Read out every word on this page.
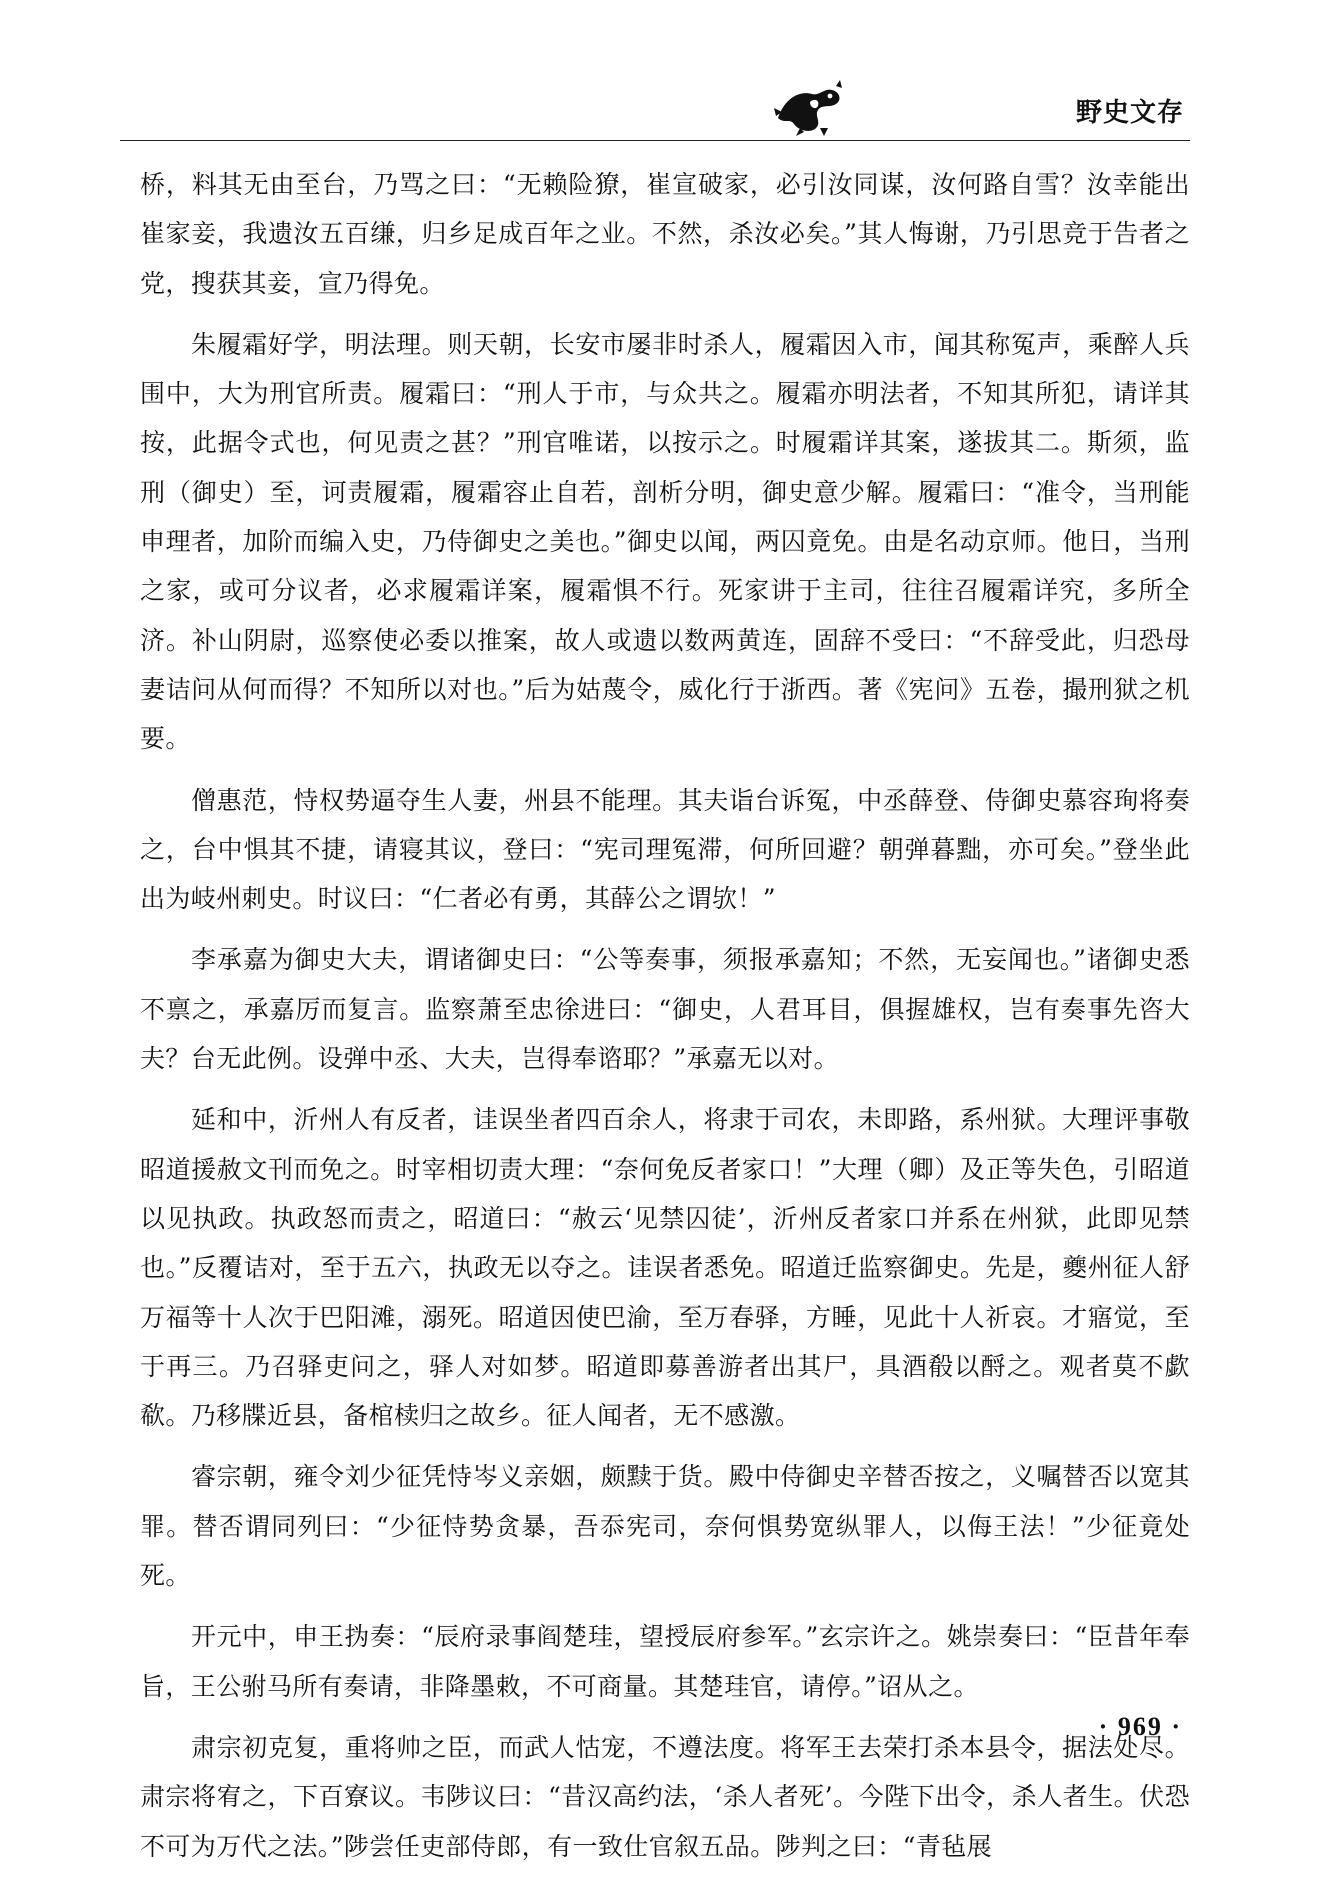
野史文存

桥，料其无由至台，乃骂之曰：“无赖险獠，崔宣破家，必引汝同谋，汝何路自雪？汝幸能出崔家妾，我遗汝五百缣，归乡足成百年之业。不然，杀汝必矣。”其人悔谢，乃引思竞于告者之党，搜获其妾，宣乃得免。

朱履霜好学，明法理。则天朝，长安市屡非时杀人，履霜因入市，闻其称冤声，乘醉人兵围中，大为刑官所责。履霜曰：“刑人于市，与众共之。履霜亦明法者，不知其所犯，请详其按，此据令式也，何见责之甚？”刑官唯诺，以按示之。时履霜详其案，遂拔其二。斯须，监刑（御史）至，诃责履霜，履霜容止自若，剖析分明，御史意少解。履霜曰：“准令，当刑能申理者，加阶而编入史，乃侍御史之美也。”御史以闻，两囚竟免。由是名动京师。他日，当刑之家，或可分议者，必求履霜详案，履霜惧不行。死家讲于主司，往往召履霜详究，多所全济。补山阴尉，巡察使必委以推案，故人或遗以数两黄连，固辞不受曰：“不辞受此，归恐母妻诘问从何而得？不知所以对也。”后为姑蔑令，威化行于浙西。著《宪问》五卷，撮刑狱之机要。

僧惠范，恃权势逼夺生人妻，州县不能理。其夫诣台诉冤，中丞薛登、侍御史慕容珣将奏之，台中惧其不捷，请寝其议，登曰：“宪司理冤滞，何所回避？朝弹暮黜，亦可矣。”登坐此出为岐州刺史。时议曰：“仁者必有勇，其薛公之谓欤！”

李承嘉为御史大夫，谓诸御史曰：“公等奏事，须报承嘉知；不然，无妄闻也。”诸御史悉不禀之，承嘉厉而复言。监察萧至忠徐进曰：“御史，人君耳目，俱握雄权，岂有奏事先咨大夫？台无此例。设弹中丞、大夫，岂得奉谘耶？”承嘉无以对。

延和中，沂州人有反者，诖误坐者四百余人，将隶于司农，未即路，系州狱。大理评事敬昭道援赦文刊而免之。时宰相切责大理：“奈何免反者家口！”大理（卿）及正等失色，引昭道以见执政。执政怒而责之，昭道曰：“赦云‘见禁囚徒’，沂州反者家口并系在州狱，此即见禁也。”反覆诘对，至于五六，执政无以夺之。诖误者悉免。昭道迁监察御史。先是，夔州征人舒万福等十人次于巴阳滩，溺死。昭道因使巴渝，至万春驿，方睡，见此十人祈哀。才寤觉，至于再三。乃召驿吏问之，驿人对如梦。昭道即募善游者出其尸，具酒殽以酹之。观者莫不歔欷。乃移牒近县，备棺椟归之故乡。征人闻者，无不感激。

睿宗朝，雍令刘少征凭恃岑义亲姻，颇黩于货。殿中侍御史辛替否按之，义嘱替否以宽其罪。替否谓同列曰：“少征恃势贪暴，吾忝宪司，奈何惧势宽纵罪人，以侮王法！”少征竟处死。

开元中，申王㧑奏：“辰府录事阎楚珪，望授辰府参军。”玄宗许之。姚崇奏曰：“臣昔年奉旨，王公驸马所有奏请，非降墨敕，不可商量。其楚珪官，请停。”诏从之。

肃宗初克复，重将帅之臣，而武人怙宠，不遵法度。将军王去荣打杀本县令，据法处尽。肃宗将宥之，下百寮议。韦陟议曰：“昔汉高约法，‘杀人者死’。今陛下出令，杀人者生。伏恐不可为万代之法。”陟尝任吏部侍郎，有一致仕官叙五品。陟判之曰：“青毡展

· 969 ·
